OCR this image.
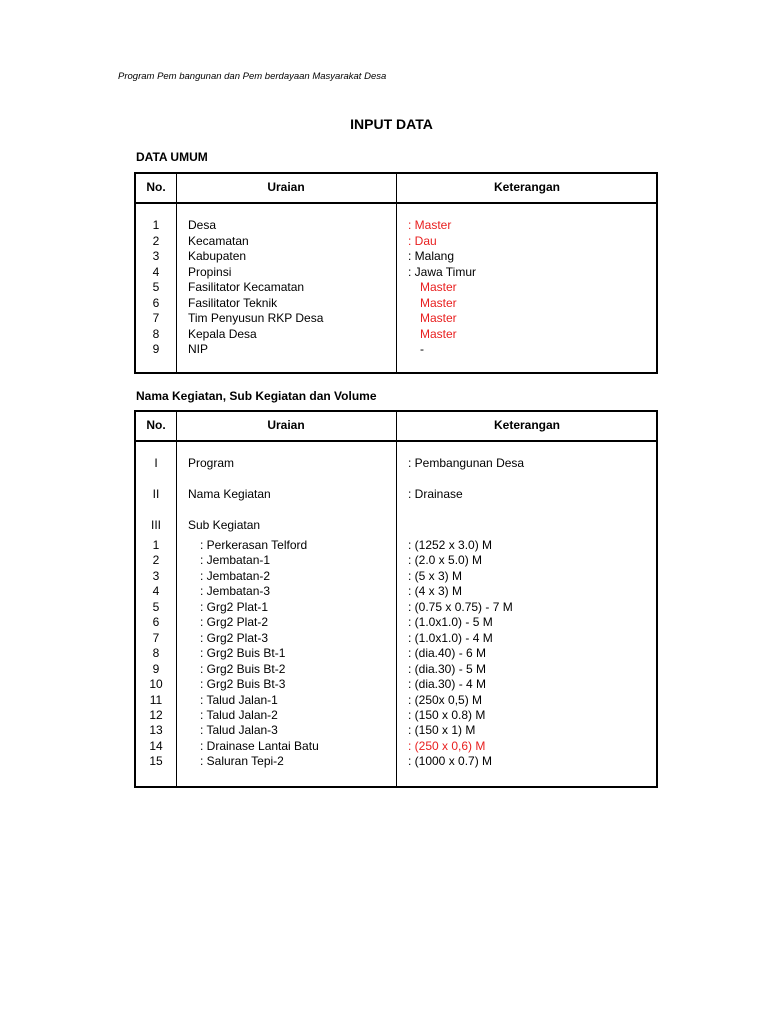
Program Pem bangunan dan Pem berdayaan Masyarakat Desa
INPUT DATA
DATA UMUM
No.	Uraian	Keterangan
1	Desa	: Master
2	Kecamatan	: Dau
3	Kabupaten	: Malang
4	Propinsi	: Jawa Timur
5	Fasilitator Kecamatan	Master
6	Fasilitator Teknik	Master
7	Tim Penyusun RKP Desa	Master
8	Kepala Desa	Master
9	NIP	-
Nama Kegiatan, Sub Kegiatan dan Volume
No.	Uraian	Keterangan
I	Program	: Pembangunan Desa
II	Nama Kegiatan	: Drainase
III	Sub Kegiatan
1	: Perkerasan Telford	: (1252 x 3.0) M
2	: Jembatan-1	: (2.0 x 5.0) M
3	: Jembatan-2	: (5 x 3) M
4	: Jembatan-3	: (4 x 3) M
5	: Grg2 Plat-1	: (0.75 x 0.75) - 7 M
6	: Grg2 Plat-2	: (1.0x1.0) - 5 M
7	: Grg2 Plat-3	: (1.0x1.0) - 4 M
8	: Grg2 Buis Bt-1	: (dia.40) - 6 M
9	: Grg2 Buis Bt-2	: (dia.30) - 5 M
10	: Grg2 Buis Bt-3	: (dia.30) - 4 M
11	: Talud Jalan-1	: (250x 0,5) M
12	: Talud Jalan-2	: (150 x 0.8) M
13	: Talud Jalan-3	: (150 x 1) M
14	: Drainase Lantai Batu	: (250 x 0,6) M
15	: Saluran Tepi-2	: (1000 x 0.7) M
